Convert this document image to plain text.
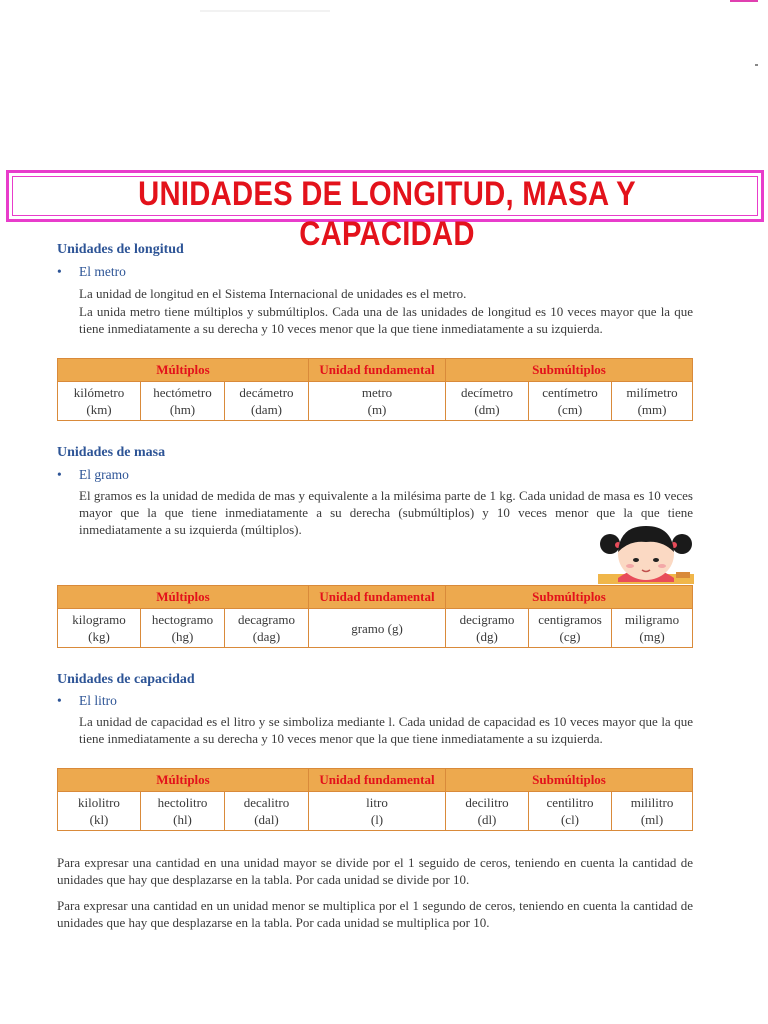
UNIDADES DE LONGITUD, MASA Y CAPACIDAD
Unidades de longitud
• El metro
La unidad de longitud en el Sistema Internacional de unidades es el metro.
La unida metro tiene múltiplos y submúltiplos. Cada una de las unidades de longitud es 10 veces mayor que la que tiene inmediatamente a su derecha y 10 veces menor que la que tiene inmediatamente a su izquierda.
Múltiplos			Unidad fundamental	Submúltiplos		
kilómetro
(km)	hectómetro
(hm)	decámetro
(dam)	metro
(m)	decímetro
(dm)	centímetro
(cm)	milímetro
(mm)
Unidades de masa
• El gramo
El gramos es la unidad de medida de mas y equivalente a la milésima parte de 1 kg. Cada unidad de masa es 10 veces mayor que la que tiene inmediatamente a su derecha (submúltiplos) y 10 veces menor que la que tiene inmediatamente a su izquierda (múltiplos).
Múltiplos			Unidad fundamental	Submúltiplos		
kilogramo
(kg)	hectogramo
(hg)	decagramo
(dag)	gramo (g)	decigramo
(dg)	centigramos
(cg)	miligramo
(mg)
Unidades de capacidad
• El litro
La unidad de capacidad es el litro y se simboliza mediante l. Cada unidad de capacidad es 10 veces mayor que la que tiene inmediatamente a su derecha y 10 veces menor que la que tiene inmediatamente a su izquierda.
Múltiplos			Unidad fundamental	Submúltiplos		
kilolitro
(kl)	hectolitro
(hl)	decalitro
(dal)	litro
(l)	decilitro
(dl)	centilitro
(cl)	mililitro
(ml)
Para expresar una cantidad en una unidad mayor se divide por el 1 seguido de ceros, teniendo en cuenta la cantidad de unidades que hay que desplazarse en la tabla. Por cada unidad se divide por 10.
Para expresar una cantidad en un unidad menor se multiplica por el 1 segundo de ceros, teniendo en cuenta la cantidad de unidades que hay que desplazarse en la tabla. Por cada unidad se multiplica por 10.
